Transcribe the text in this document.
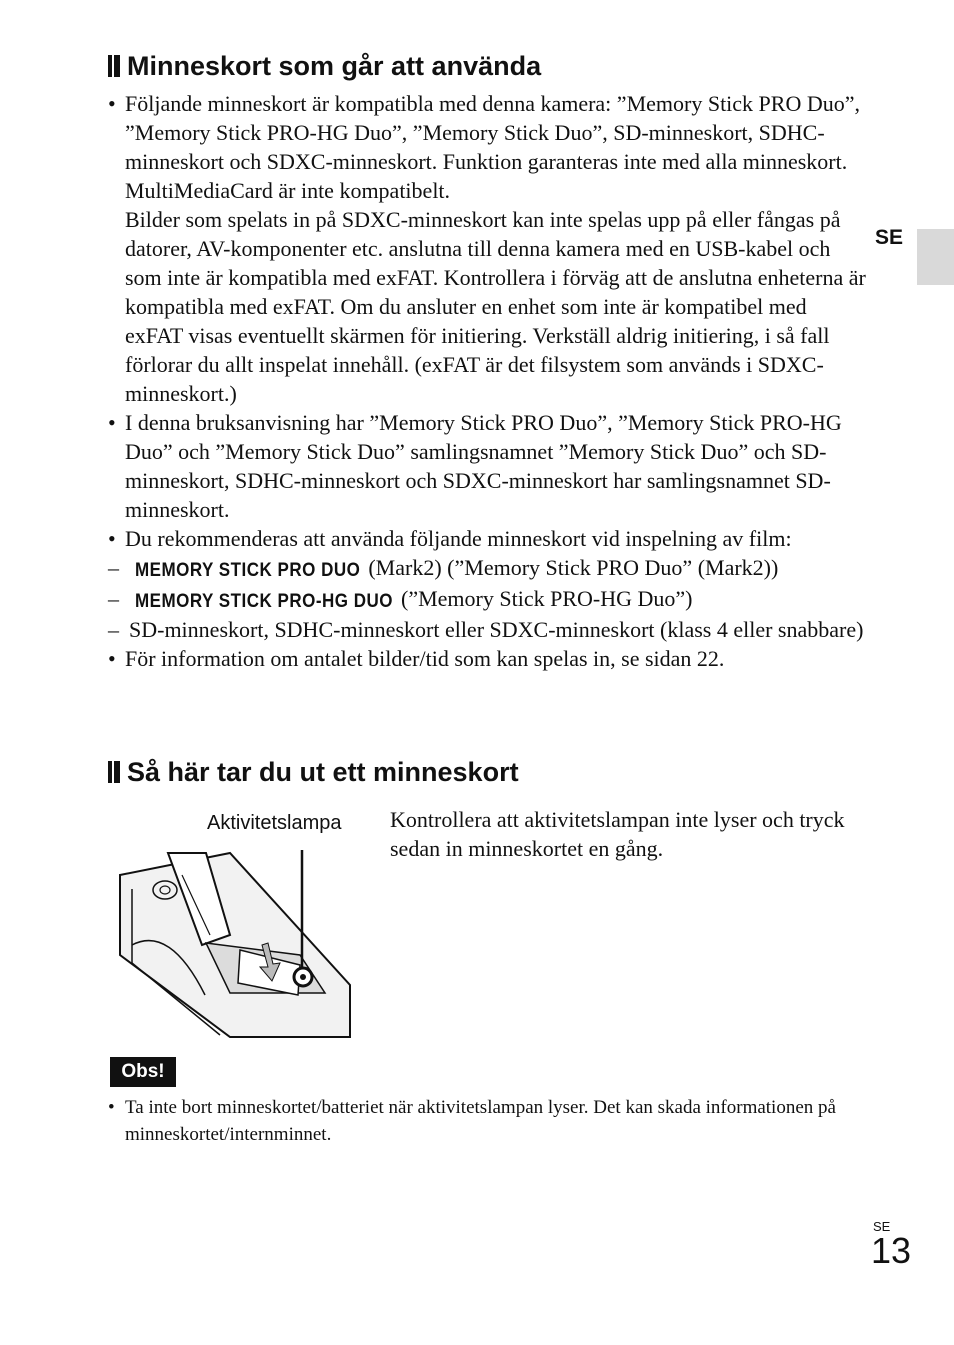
SE
Minneskort som går att använda
• Följande minneskort är kompatibla med denna kamera: ”Memory Stick PRO Duo”, ”Memory Stick PRO-HG Duo”, ”Memory Stick Duo”, SD-minneskort, SDHC-minneskort och SDXC-minneskort. Funktion garanteras inte med alla minneskort.
MultiMediaCard är inte kompatibelt.
Bilder som spelats in på SDXC-minneskort kan inte spelas upp på eller fångas på datorer, AV-komponenter etc. anslutna till denna kamera med en USB-kabel och som inte är kompatibla med exFAT. Kontrollera i förväg att de anslutna enheterna är kompatibla med exFAT. Om du ansluter en enhet som inte är kompatibel med exFAT visas eventuellt skärmen för initiering. Verkställ aldrig initiering, i så fall förlorar du allt inspelat innehåll. (exFAT är det filsystem som används i SDXC-minneskort.)
• I denna bruksanvisning har ”Memory Stick PRO Duo”, ”Memory Stick PRO-HG Duo” och ”Memory Stick Duo” samlingsnamnet ”Memory Stick Duo” och SD-minneskort, SDHC-minneskort och SDXC-minneskort har samlingsnamnet SD-minneskort.
• Du rekommenderas att använda följande minneskort vid inspelning av film:
– MEMORY STICK PRO DUO (Mark2) (”Memory Stick PRO Duo” (Mark2))
– MEMORY STICK PRO-HG DUO (”Memory Stick PRO-HG Duo”)
– SD-minneskort, SDHC-minneskort eller SDXC-minneskort (klass 4 eller snabbare)
• För information om antalet bilder/tid som kan spelas in, se sidan 22.
Så här tar du ut ett minneskort
Aktivitetslampa Kontrollera att aktivitetslampan inte lyser och tryck sedan in minneskortet en gång.
Obs!
• Ta inte bort minneskortet/batteriet när aktivitetslampan lyser. Det kan skada informationen på minneskortet/internminnet.
SE
13
